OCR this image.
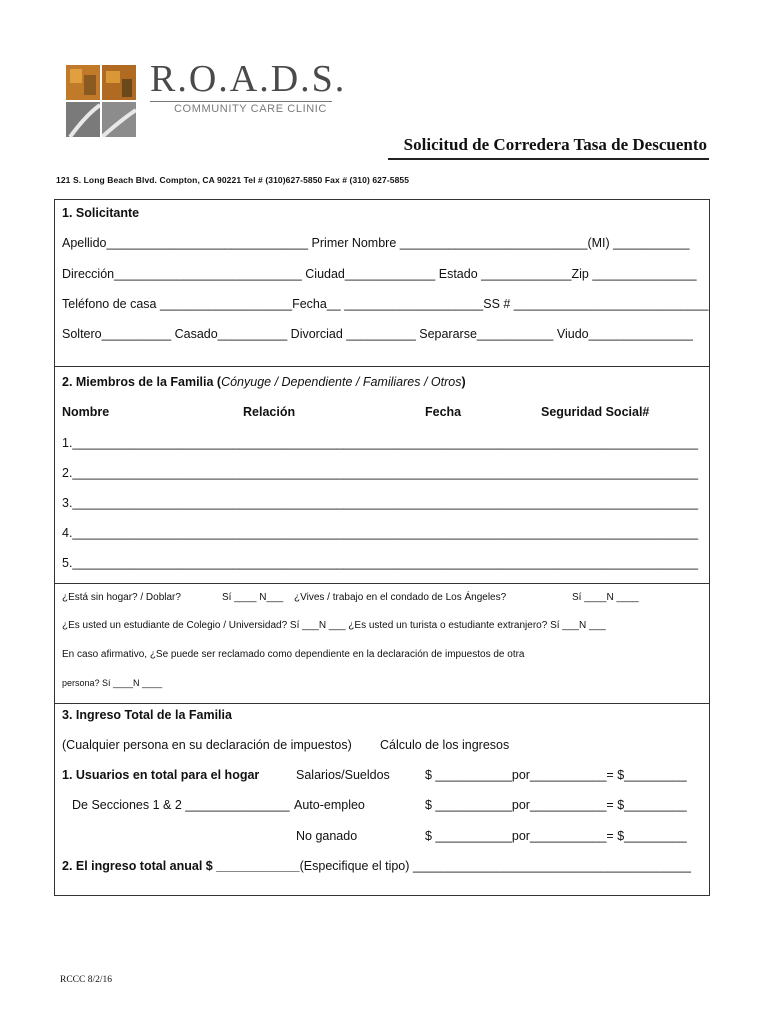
R.O.A.D.S.
COMMUNITY CARE CLINIC
Solicitud de Corredera Tasa de Descuento
121 S. Long Beach Blvd. Compton, CA 90221 Tel # (310)627-5850 Fax # (310) 627-5855
1. Solicitante
Apellido_____________________________ Primer Nombre ___________________________(MI) ___________
Dirección___________________________ Ciudad_____________ Estado _____________Zip _______________
Teléfono de casa ___________________Fecha__ ____________________SS # ____________________________
Soltero__________ Casado__________ Divorciad __________ Separarse___________ Viudo_______________
2. Miembros de la Familia (Cónyuge / Dependiente / Familiares / Otros)
Nombre	Relación	Fecha	Seguridad Social#
1.__________________________________________________________________________________________
2.__________________________________________________________________________________________
3.__________________________________________________________________________________________
4.__________________________________________________________________________________________
5.__________________________________________________________________________________________
¿Está sin hogar? / Doblar?	Sí ____ N___ ¿Vives / trabajo en el condado de Los Ángeles?	Sí ____N ____
¿Es usted un estudiante de Colegio / Universidad? Sí ___N ___ ¿Es usted un turista o estudiante extranjero? Sí ___N ___
En caso afirmativo, ¿Se puede ser reclamado como dependiente en la declaración de impuestos de otra
persona? Sí ____N ____
3. Ingreso Total de la Familia
(Cualquier persona en su declaración de impuestos) Cálculo de los ingresos
1. Usuarios en total para el hogar	Salarios/Sueldos	$ ___________por___________= $_________
De Secciones 1 & 2 _______________ Auto-empleo	$ ___________por___________= $_________
No ganado	$ ___________por___________= $_________
2. El ingreso total anual $ ____________(Especifique el tipo) ________________________________________
RCCC 8/2/16
